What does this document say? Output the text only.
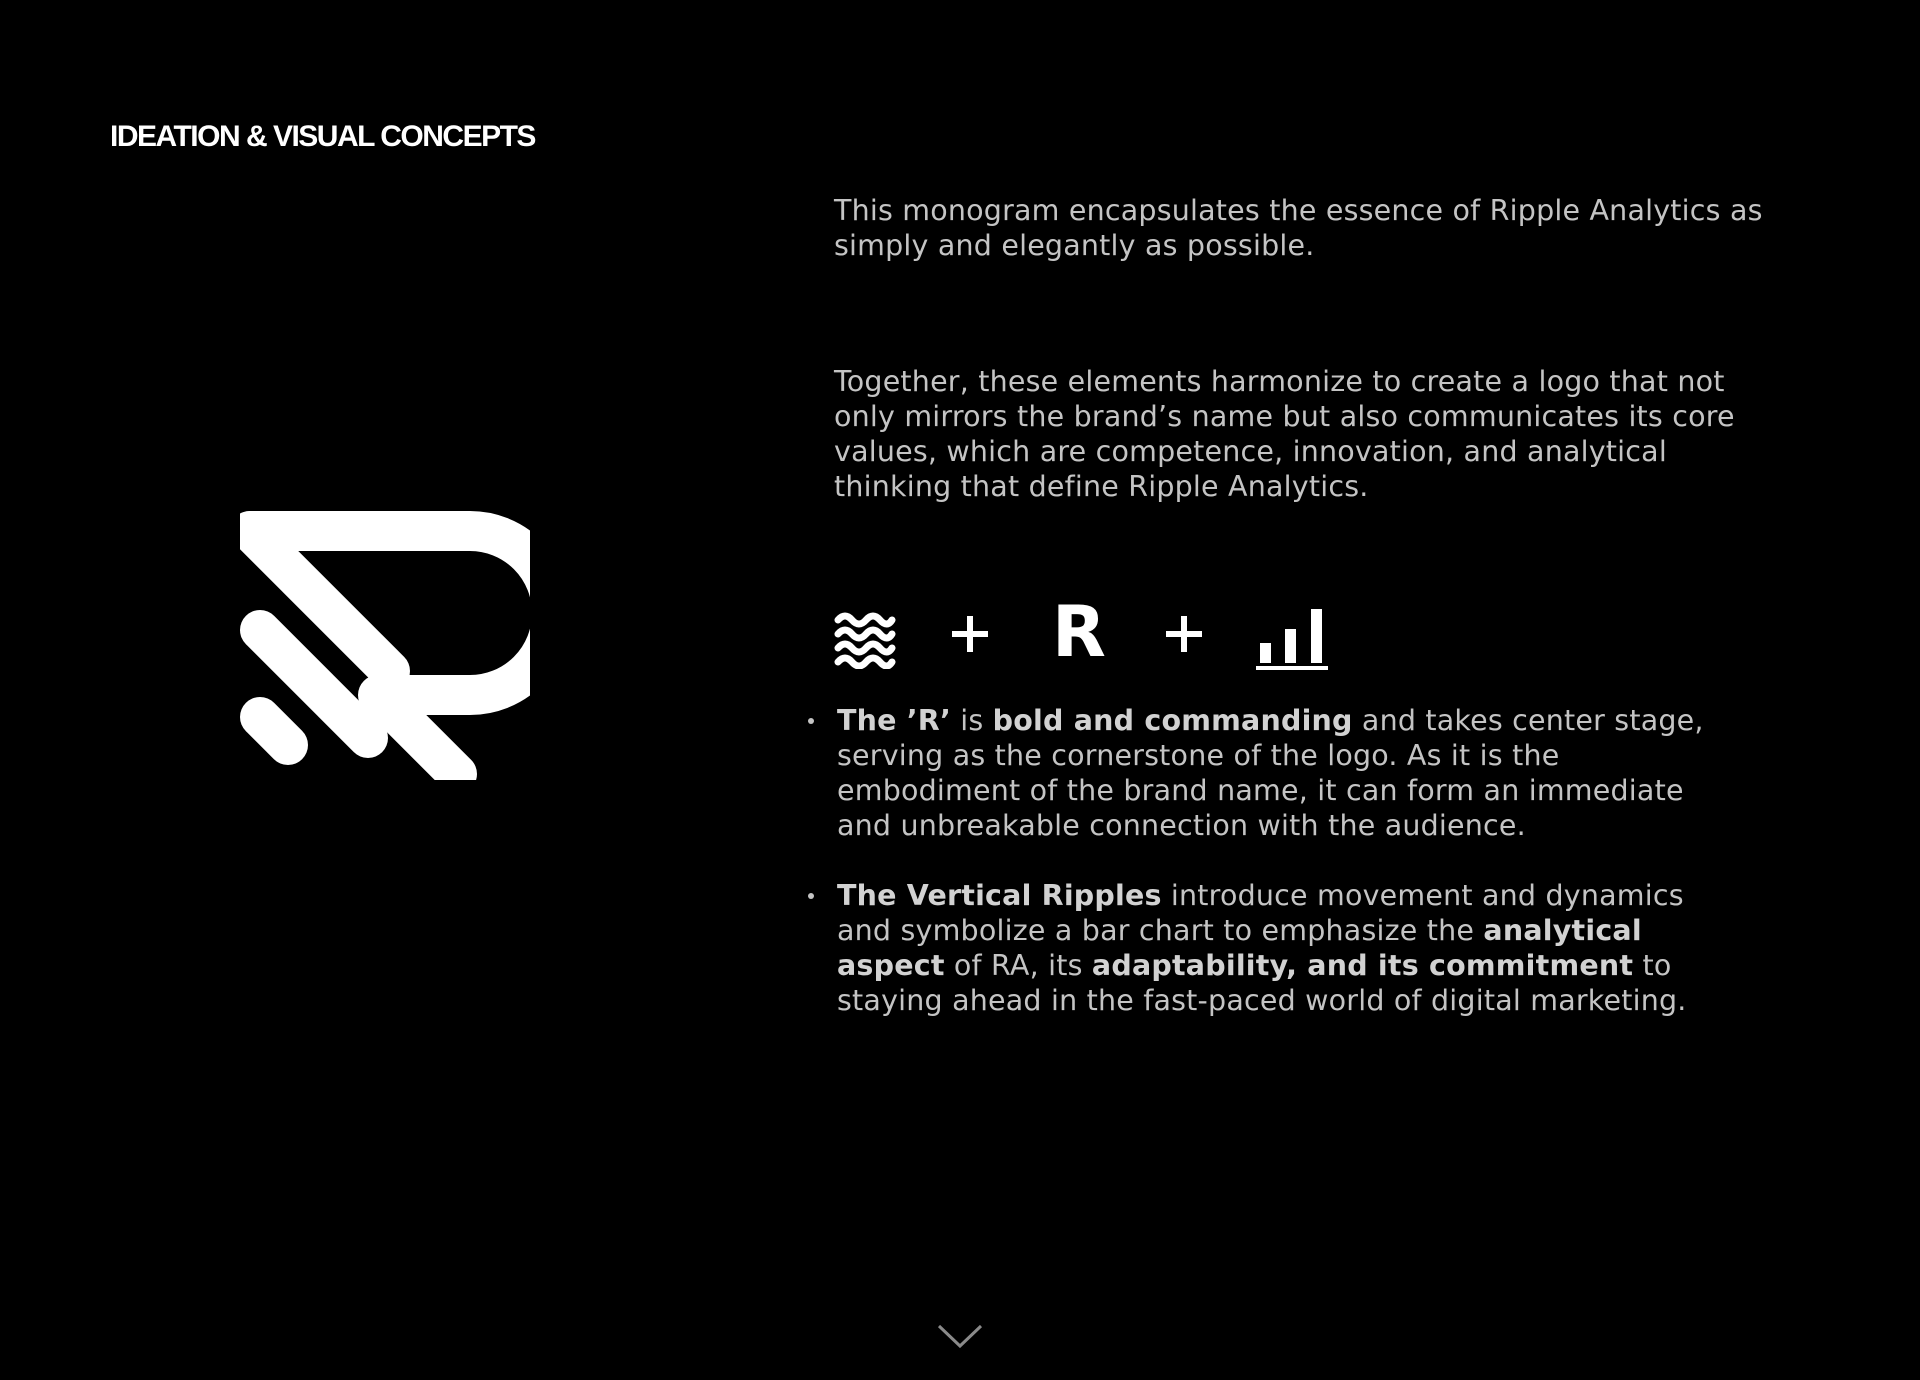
IDEATION & VISUAL CONCEPTS

This monogram encapsulates the essence of Ripple Analytics as simply and elegantly as possible.

Together, these elements harmonize to create a logo that not only mirrors the brand’s name but also communicates its core values, which are competence, innovation, and analytical thinking that define Ripple Analytics.

R
The ’R’ is bold and commanding and takes center stage, serving as the cornerstone of the logo. As it is the embodiment of the brand name, it can form an immediate and unbreakable connection with the audience.
The Vertical Ripples introduce movement and dynamics and symbolize a bar chart to emphasize the analytical aspect of RA, its adaptability, and its commitment to staying ahead in the fast-paced world of digital marketing.
